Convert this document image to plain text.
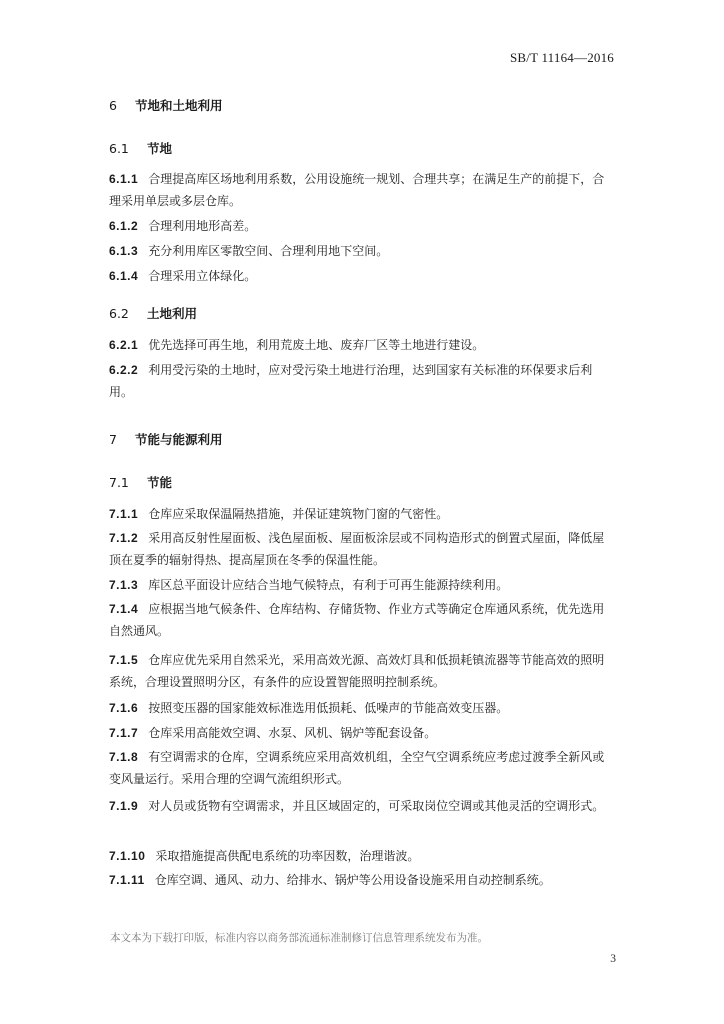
SB/T 11164—2016
6 节地和土地利用
6.1 节地
6.1.1 合理提高库区场地利用系数，公用设施统一规划、合理共享；在满足生产的前提下，合理采用单层或多层仓库。
6.1.2 合理利用地形高差。
6.1.3 充分利用库区零散空间、合理利用地下空间。
6.1.4 合理采用立体绿化。
6.2 土地利用
6.2.1 优先选择可再生地，利用荒废土地、废弃厂区等土地进行建设。
6.2.2 利用受污染的土地时，应对受污染土地进行治理，达到国家有关标准的环保要求后利用。
7 节能与能源利用
7.1 节能
7.1.1 仓库应采取保温隔热措施，并保证建筑物门窗的气密性。
7.1.2 采用高反射性屋面板、浅色屋面板、屋面板涂层或不同构造形式的倒置式屋面，降低屋顶在夏季的辐射得热、提高屋顶在冬季的保温性能。
7.1.3 库区总平面设计应结合当地气候特点，有利于可再生能源持续利用。
7.1.4 应根据当地气候条件、仓库结构、存储货物、作业方式等确定仓库通风系统，优先选用自然通风。
7.1.5 仓库应优先采用自然采光，采用高效光源、高效灯具和低损耗镇流器等节能高效的照明系统，合理设置照明分区，有条件的应设置智能照明控制系统。
7.1.6 按照变压器的国家能效标准选用低损耗、低噪声的节能高效变压器。
7.1.7 仓库采用高能效空调、水泵、风机、锅炉等配套设备。
7.1.8 有空调需求的仓库，空调系统应采用高效机组，全空气空调系统应考虑过渡季全新风或变风量运行。采用合理的空调气流组织形式。
7.1.9 对人员或货物有空调需求，并且区域固定的，可采取岗位空调或其他灵活的空调形式。
7.1.10 采取措施提高供配电系统的功率因数，治理谐波。
7.1.11 仓库空调、通风、动力、给排水、锅炉等公用设备设施采用自动控制系统。
本文本为下载打印版，标准内容以商务部流通标准制修订信息管理系统发布为准。
3
